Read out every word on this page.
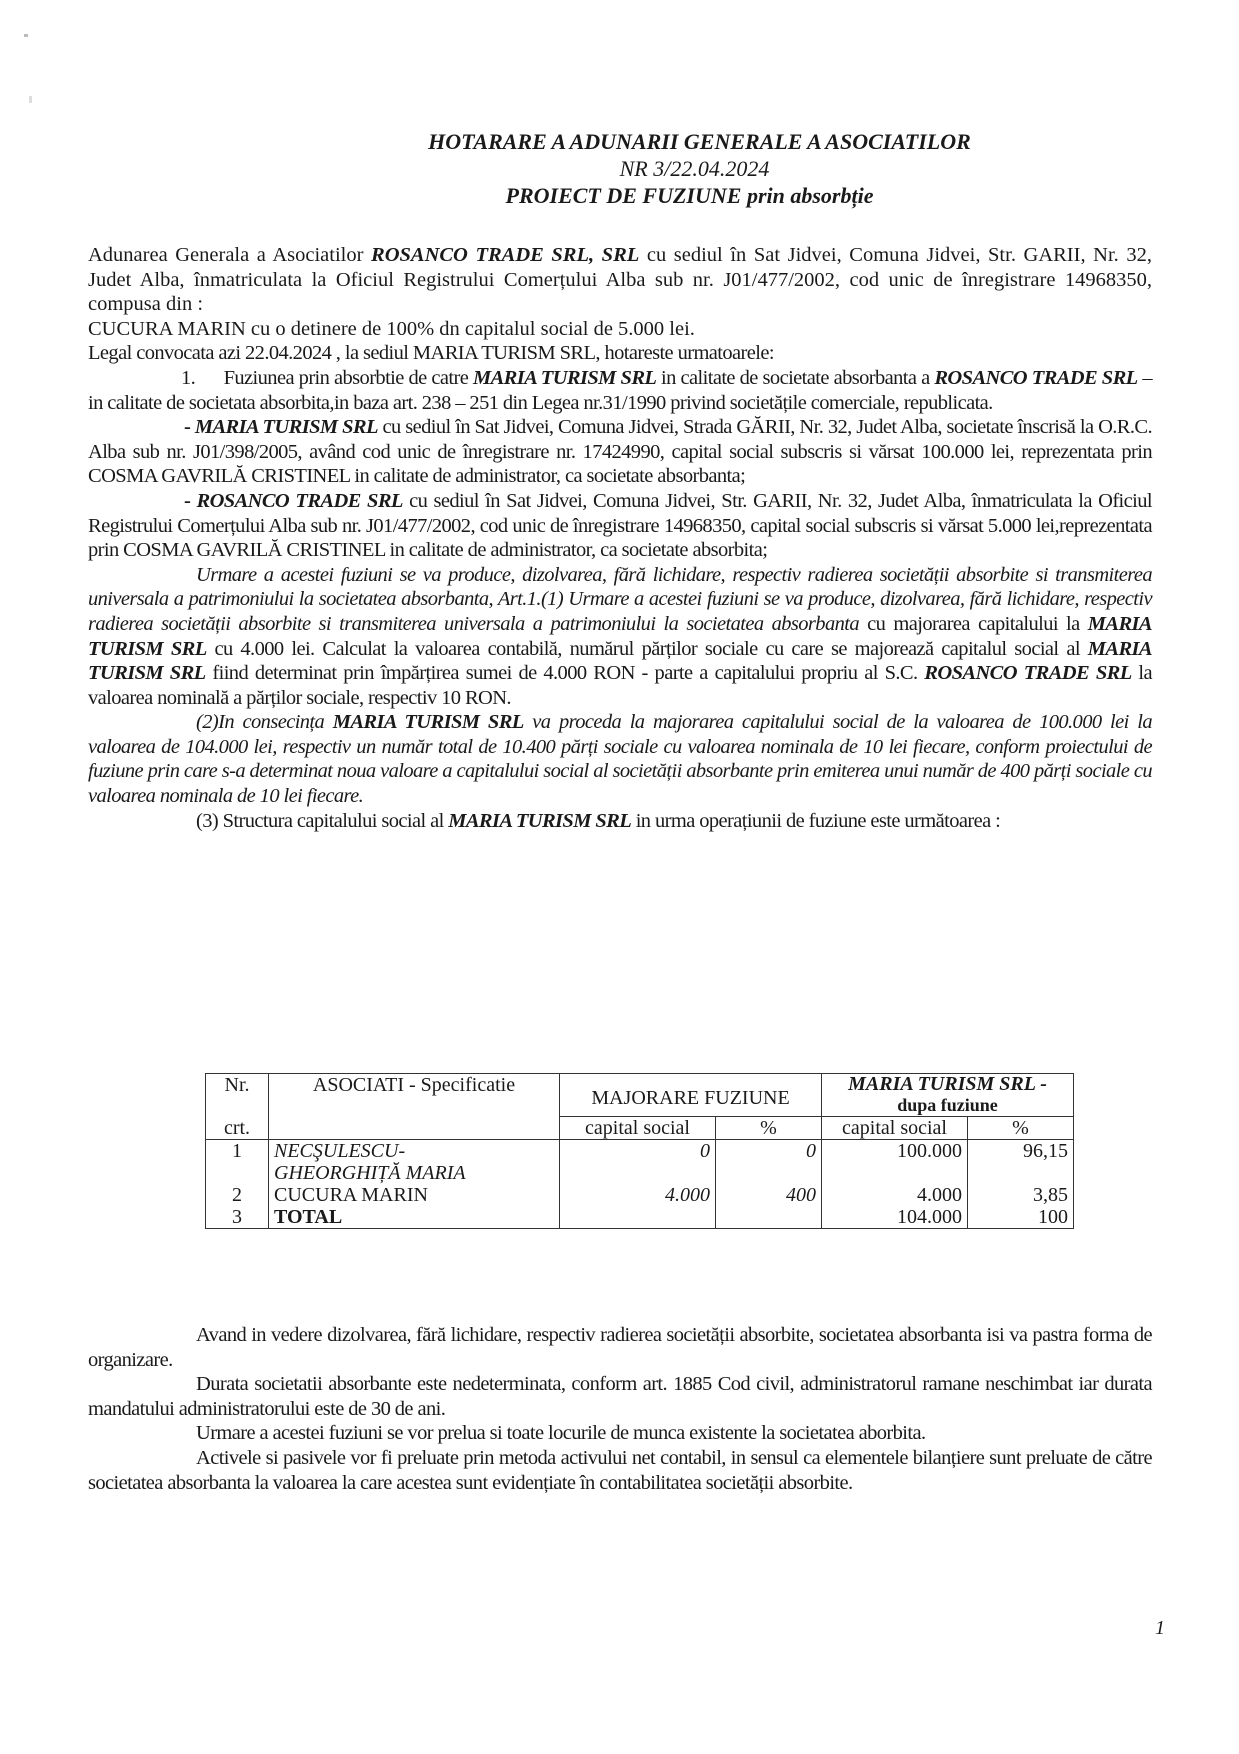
HOTARARE A ADUNARII GENERALE A ASOCIATILOR
NR 3/22.04.2024
PROIECT DE FUZIUNE prin absorbție

Adunarea Generala a Asociatilor ROSANCO TRADE SRL, SRL cu sediul în Sat Jidvei, Comuna Jidvei, Str. GARII, Nr. 32, Judet Alba, înmatriculata la Oficiul Registrului Comerțului Alba sub nr. J01/477/2002, cod unic de înregistrare 14968350, compusa din :

CUCURA MARIN cu o detinere de 100% dn capitalul social de 5.000 lei.

Legal convocata azi 22.04.2024 , la sediul MARIA TURISM SRL, hotareste urmatoarele:

1. Fuziunea prin absorbtie de catre MARIA TURISM SRL in calitate de societate absorbanta a ROSANCO TRADE SRL – in calitate de societata absorbita,in baza art. 238 – 251 din Legea nr.31/1990 privind societățile comerciale, republicata.

- MARIA TURISM SRL cu sediul în Sat Jidvei, Comuna Jidvei, Strada GĂRII, Nr. 32, Judet Alba, societate înscrisă la O.R.C. Alba sub nr. J01/398/2005, având cod unic de înregistrare nr. 17424990, capital social subscris si vărsat 100.000 lei, reprezentata prin COSMA GAVRILĂ CRISTINEL in calitate de administrator, ca societate absorbanta;

- ROSANCO TRADE SRL cu sediul în Sat Jidvei, Comuna Jidvei, Str. GARII, Nr. 32, Judet Alba, înmatriculata la Oficiul Registrului Comerțului Alba sub nr. J01/477/2002, cod unic de înregistrare 14968350, capital social subscris si vărsat 5.000 lei,reprezentata prin COSMA GAVRILĂ CRISTINEL in calitate de administrator, ca societate absorbita;

Urmare a acestei fuziuni se va produce, dizolvarea, fără lichidare, respectiv radierea societății absorbite si transmiterea universala a patrimoniului la societatea absorbanta, Art.1.(1) Urmare a acestei fuziuni se va produce, dizolvarea, fără lichidare, respectiv radierea societății absorbite si transmiterea universala a patrimoniului la societatea absorbanta cu majorarea capitalului la MARIA TURISM SRL cu 4.000 lei. Calculat la valoarea contabilă, numărul părților sociale cu care se majorează capitalul social al MARIA TURISM SRL fiind determinat prin împărțirea sumei de 4.000 RON - parte a capitalului propriu al S.C. ROSANCO TRADE SRL la valoarea nominală a părților sociale, respectiv 10 RON.

(2)In consecința MARIA TURISM SRL va proceda la majorarea capitalului social de la valoarea de 100.000 lei la valoarea de 104.000 lei, respectiv un număr total de 10.400 părți sociale cu valoarea nominala de 10 lei fiecare, conform proiectului de fuziune prin care s-a determinat noua valoare a capitalului social al societății absorbante prin emiterea unui număr de 400 părți sociale cu valoarea nominala de 10 lei fiecare.

(3) Structura capitalului social al MARIA TURISM SRL in urma operațiunii de fuziune este următoarea :

Nr.	ASOCIATI - Specificatie	MAJORARE FUZIUNE		MARIA TURISM SRL -
dupa fuziune	

crt.		capital social	%	capital social	%
1	NECŞULESCU-
GHEORGHIȚĂ MARIA	0	0	100.000	96,15
2	CUCURA MARIN	4.000	400	4.000	3,85
3	TOTAL			104.000	100

Avand in vedere dizolvarea, fără lichidare, respectiv radierea societății absorbite, societatea absorbanta isi va pastra forma de organizare.

Durata societatii absorbante este nedeterminata, conform art. 1885 Cod civil, administratorul ramane neschimbat iar durata mandatului administratorului este de 30 de ani.

Urmare a acestei fuziuni se vor prelua si toate locurile de munca existente la societatea aborbita.

Activele si pasivele vor fi preluate prin metoda activului net contabil, in sensul ca elementele bilanțiere sunt preluate de către societatea absorbanta la valoarea la care acestea sunt evidențiate în contabilitatea societății absorbite.

1
